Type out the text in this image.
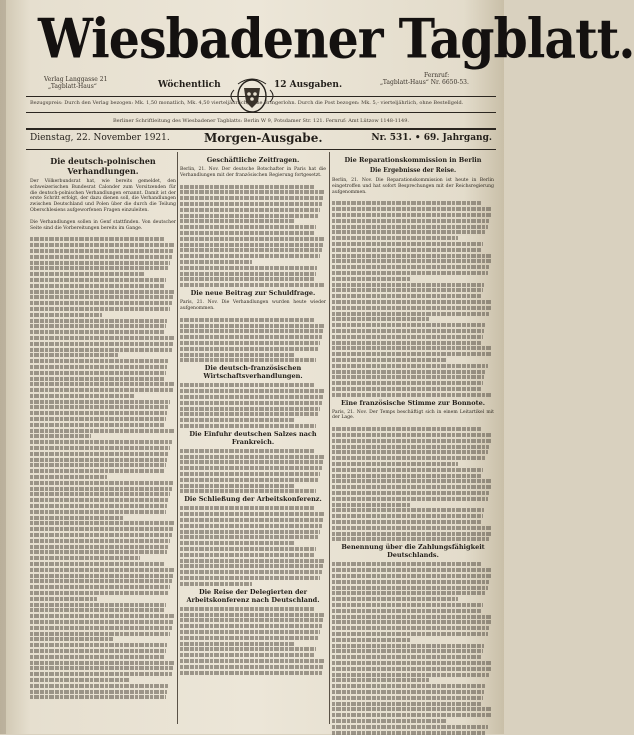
Wiesbadener Tagblatt.
Verlag Langgasse 21
„Tagblatt-Haus“
Fernruf:
„Tagblatt-Haus“ Nr. 6650-53.
Wöchentlich	12 Ausgaben.
Bezugspreis: Durch den Verlag bezogen: Mk. 1,50 monatlich, Mk. 4,50 vierteljährlich, ohne Bringerlohn. Durch die Post bezogen: Mk. 5,- vierteljährlich, ohne Bestellgeld.
Berliner Schriftleitung des Wiesbadener Tagblatts: Berlin W 9, Potsdamer Str. 121. Fernruf: Amt Lützow 1148-1149.
Dienstag, 22. November 1921.	Morgen-Ausgabe.	Nr. 531. • 69. Jahrgang.
Die deutsch-polnischen Verhandlungen.
Der Völkerbundsrat hat, wie bereits gemeldet, den schweizerischen Bundesrat Calonder zum Vorsitzenden für die deutsch-polnischen Verhandlungen ernannt. Damit ist der erste Schritt erfolgt, der dazu dienen soll, die Verhandlungen zwischen Deutschland und Polen über die durch die Teilung Oberschlesiens aufgeworfenen Fragen einzuleiten.
Die Verhandlungen sollen in Genf stattfinden. Von deutscher Seite sind die Vorbereitungen bereits im Gange.
Geschäftliche Zeitfragen.
Berlin, 21. Nov. Der deutsche Botschafter in Paris hat die Verhandlungen mit der französischen Regierung fortgesetzt.
Die neue Beitrag zur Schuldfrage.
Paris, 21. Nov. Die Verhandlungen wurden heute wieder aufgenommen.
Die deutsch-französischen Wirtschaftsverhandlungen.
Die Einfuhr deutschen Salzes nach Frankreich.
Die Schließung der Arbeitskonferenz.
Die Reise der Delegierten der Arbeitskonferenz nach Deutschland.
Die Reparationskommission in Berlin
Die Ergebnisse der Reise.
Berlin, 21. Nov. Die Reparationskommission ist heute in Berlin eingetroffen und hat sofort Besprechungen mit der Reichsregierung aufgenommen.
Eine französische Stimme zur Bonnote.
Paris, 21. Nov. Der Temps beschäftigt sich in einem Leitartikel mit der Lage.
Benennung über die Zahlungsfähigkeit Deutschlands.
